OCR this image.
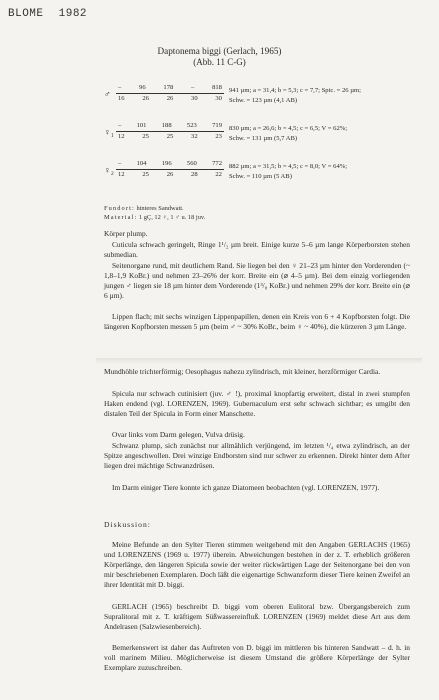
BLOME 1982
Daptonema biggi (Gerlach, 1965)
(Abb. 11 C-G)
♂ –	96	178	–	818
16	26	26	30	30 941 µm; a = 31,4; b = 5,3; c = 7,7; Spic. = 26 µm;
Schw. = 123 µm (4,1 AB)
♀₁ – 101 188 523 719
12	25	25	32	23 830 µm; a = 26,6; b = 4,5; c = 6,5; V = 62%;
Schw. = 131 µm (5,7 AB)
♀₂ – 104 196 560 772
12	25	26	28	22 882 µm; a = 31,5; b = 4,5; c = 8,0; V = 64%;
Schw. = 110 µm (5 AB)
Fundort: hinteres Sandwatt.
Material: 1 gÇ, 12 ♀, 1 ♂ u. 18 juv.
Körper plump.
Cuticula schwach geringelt, Ringe 1¹/₂ µm breit. Einige kurze 5–6 µm lange Körperborsten stehen submedian.
Seitenorgane rund, mit deutlichem Rand. Sie liegen bei den ♀ 21–23 µm hinter den Vorderenden (~ 1,8–1,9 KoBr.) und nehmen 23–26% der korr. Breite ein (⌀ 4–5 µm). Bei dem einzig vorliegenden jungen ♂ liegen sie 18 µm hinter dem Vorderende (1³/₈ KoBr.) und nehmen 29% der korr. Breite ein (⌀ 6 µm).
Lippen flach; mit sechs winzigen Lippenpapillen, denen ein Kreis von 6 + 4 Kopfborsten folgt. Die längeren Kopfborsten messen 5 µm (beim ♂ ~ 30% KoBr., beim ♀ ~ 40%), die kürzeren 3 µm Länge.
Mundhöhle trichterförmig; Oesophagus nahezu zylindrisch, mit kleiner, herzförmiger Cardia.
Spicula nur schwach cutinisiert (juv. ♂ !), proximal knopfartig erweitert, distal in zwei stumpfen Haken endend (vgl. LORENZEN, 1969). Gubernaculum erst sehr schwach sichtbar; es umgibt den distalen Teil der Spicula in Form einer Manschette.
Ovar links vom Darm gelegen, Vulva drüsig.
Schwanz plump, sich zunächst nur allmählich verjüngend, im letzten ¹/₄ etwa zylindrisch, an der Spitze angeschwollen. Drei winzige Endborsten sind nur schwer zu erkennen. Direkt hinter dem After liegen drei mächtige Schwanzdrüsen.
Im Darm einiger Tiere konnte ich ganze Diatomeen beobachten (vgl. LORENZEN, 1977).
Diskussion:
Meine Befunde an den Sylter Tieren stimmen weitgehend mit den Angaben GERLACHS (1965) und LORENZENS (1969 u. 1977) überein. Abweichungen bestehen in der z. T. erheblich größeren Körperlänge, den längeren Spicula sowie der weiter rückwärtigen Lage der Seitenorgane bei den von mir beschriebenen Exemplaren. Doch läßt die eigenartige Schwanzform dieser Tiere keinen Zweifel an ihrer Identität mit D. biggi.
GERLACH (1965) beschreibt D. biggi vom oberen Eulitoral bzw. Übergangsbereich zum Supralitoral mit z. T. kräftigem Süßwassereinfluß. LORENZEN (1969) meldet diese Art aus dem Andelrasen (Salzwiesenbereich).
Bemerkenswert ist daher das Auftreten von D. biggi im mittleren bis hinteren Sandwatt – d. h. in voll marinem Milieu. Möglicherweise ist diesem Umstand die größere Körperlänge der Sylter Exemplare zuzuschreiben.
